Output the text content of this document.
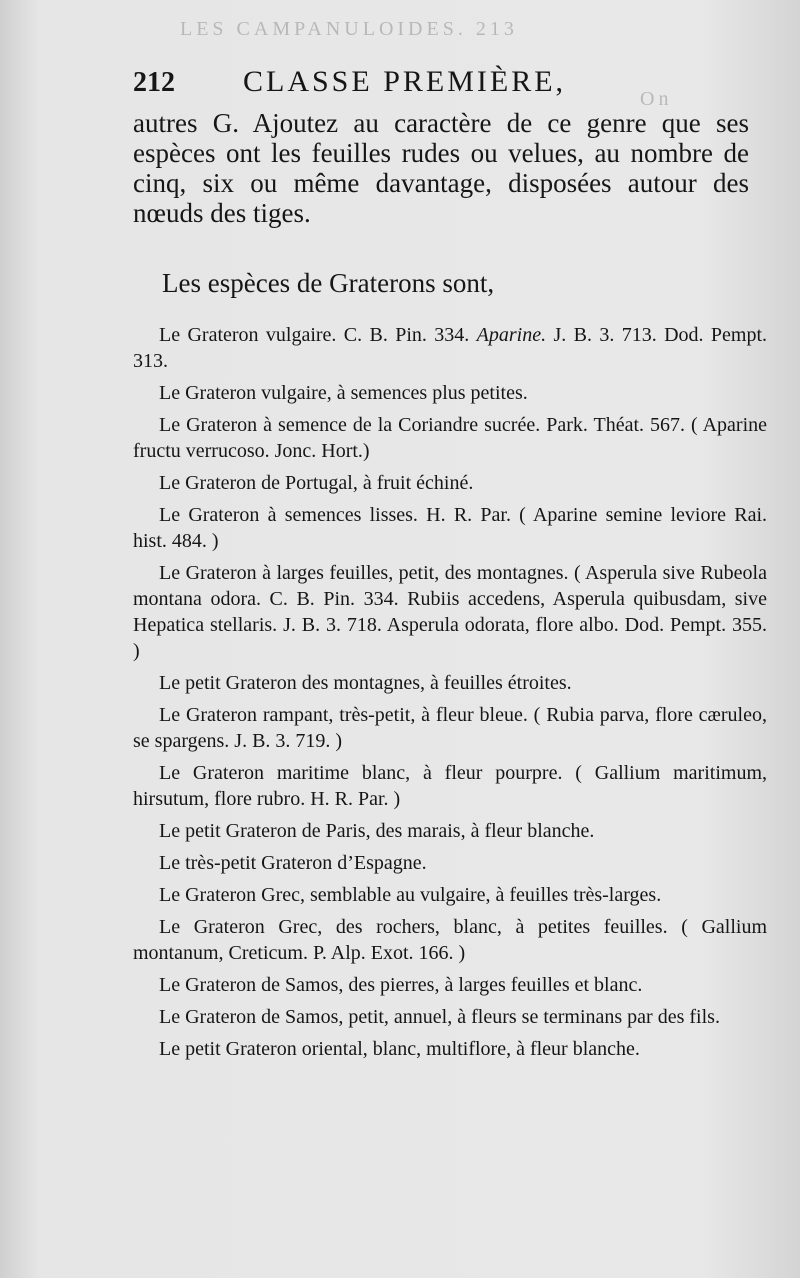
LES CAMPANULOIDES. 213
On
212 CLASSE PREMIÈRE,
autres G. Ajoutez au caractère de ce genre que ses espèces ont les feuilles rudes ou velues, au nombre de cinq, six ou même davantage, disposées autour des nœuds des tiges.
Les espèces de Graterons sont,

Le Grateron vulgaire. C. B. Pin. 334. Aparine. J. B. 3. 713. Dod. Pempt. 313.

Le Grateron vulgaire, à semences plus petites.

Le Grateron à semence de la Coriandre sucrée. Park. Théat. 567. ( Aparine fructu verrucoso. Jonc. Hort.)

Le Grateron de Portugal, à fruit échiné.

Le Grateron à semences lisses. H. R. Par. ( Aparine semine leviore Rai. hist. 484. )

Le Grateron à larges feuilles, petit, des montagnes. ( Asperula sive Rubeola montana odora. C. B. Pin. 334. Rubiis accedens, Asperula quibusdam, sive Hepatica stellaris. J. B. 3. 718. Asperula odorata, flore albo. Dod. Pempt. 355. )

Le petit Grateron des montagnes, à feuilles étroites.

Le Grateron rampant, très-petit, à fleur bleue. ( Rubia parva, flore cæruleo, se spargens. J. B. 3. 719. )

Le Grateron maritime blanc, à fleur pourpre. ( Gallium maritimum, hirsutum, flore rubro. H. R. Par. )

Le petit Grateron de Paris, des marais, à fleur blanche.

Le très-petit Grateron d’Espagne.

Le Grateron Grec, semblable au vulgaire, à feuilles très-larges.

Le Grateron Grec, des rochers, blanc, à petites feuilles. ( Gallium montanum, Creticum. P. Alp. Exot. 166. )

Le Grateron de Samos, des pierres, à larges feuilles et blanc.

Le Grateron de Samos, petit, annuel, à fleurs se terminans par des fils.

Le petit Grateron oriental, blanc, multiflore, à fleur blanche.
